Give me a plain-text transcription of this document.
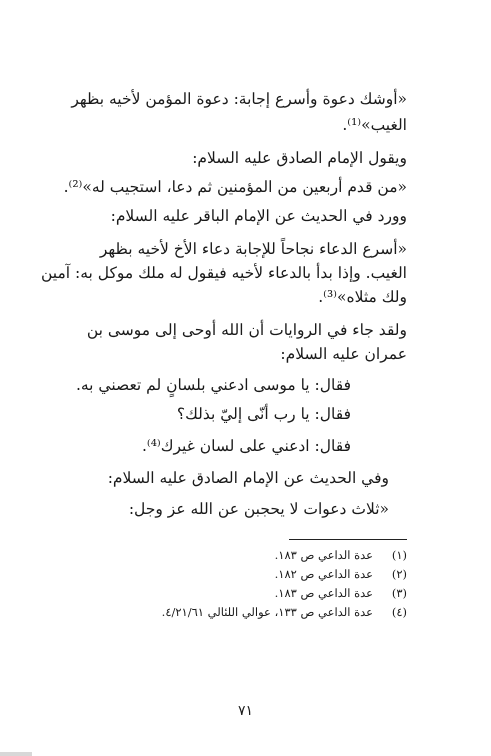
«أوشك دعوة وأسرع إجابة: دعوة المؤمن لأخيه بظهر
الغيب»⁽¹⁾.
ويقول الإمام الصادق عليه السلام:
«من قدم أربعين من المؤمنين ثم دعا، استجيب له»⁽²⁾.
وورد في الحديث عن الإمام الباقر عليه السلام:
«أسرع الدعاء نجاحاً للإجابة دعاء الأخ لأخيه بظهر
الغيب. وإذا بدأ بالدعاء لأخيه فيقول له ملك موكل به: آمين
ولك مثلاه»⁽³⁾.
ولقد جاء في الروايات أن الله أوحى إلى موسى بن
عمران عليه السلام:
فقال: يا موسى ادعني بلسانٍ لم تعصني به.
فقال: يا رب أنّى إليّ بذلك؟
فقال: ادعني على لسان غيرك⁽⁴⁾.
وفي الحديث عن الإمام الصادق عليه السلام:
«ثلاث دعوات لا يحجبن عن الله عز وجل:
(١)عدة الداعي ص ١٨٣.
(٢)عدة الداعي ص ١٨٢.
(٣)عدة الداعي ص ١٨٣.
(٤)عدة الداعي ص ١٣٣، عوالي اللئالي ٤/٢١/٦١.
٧١
